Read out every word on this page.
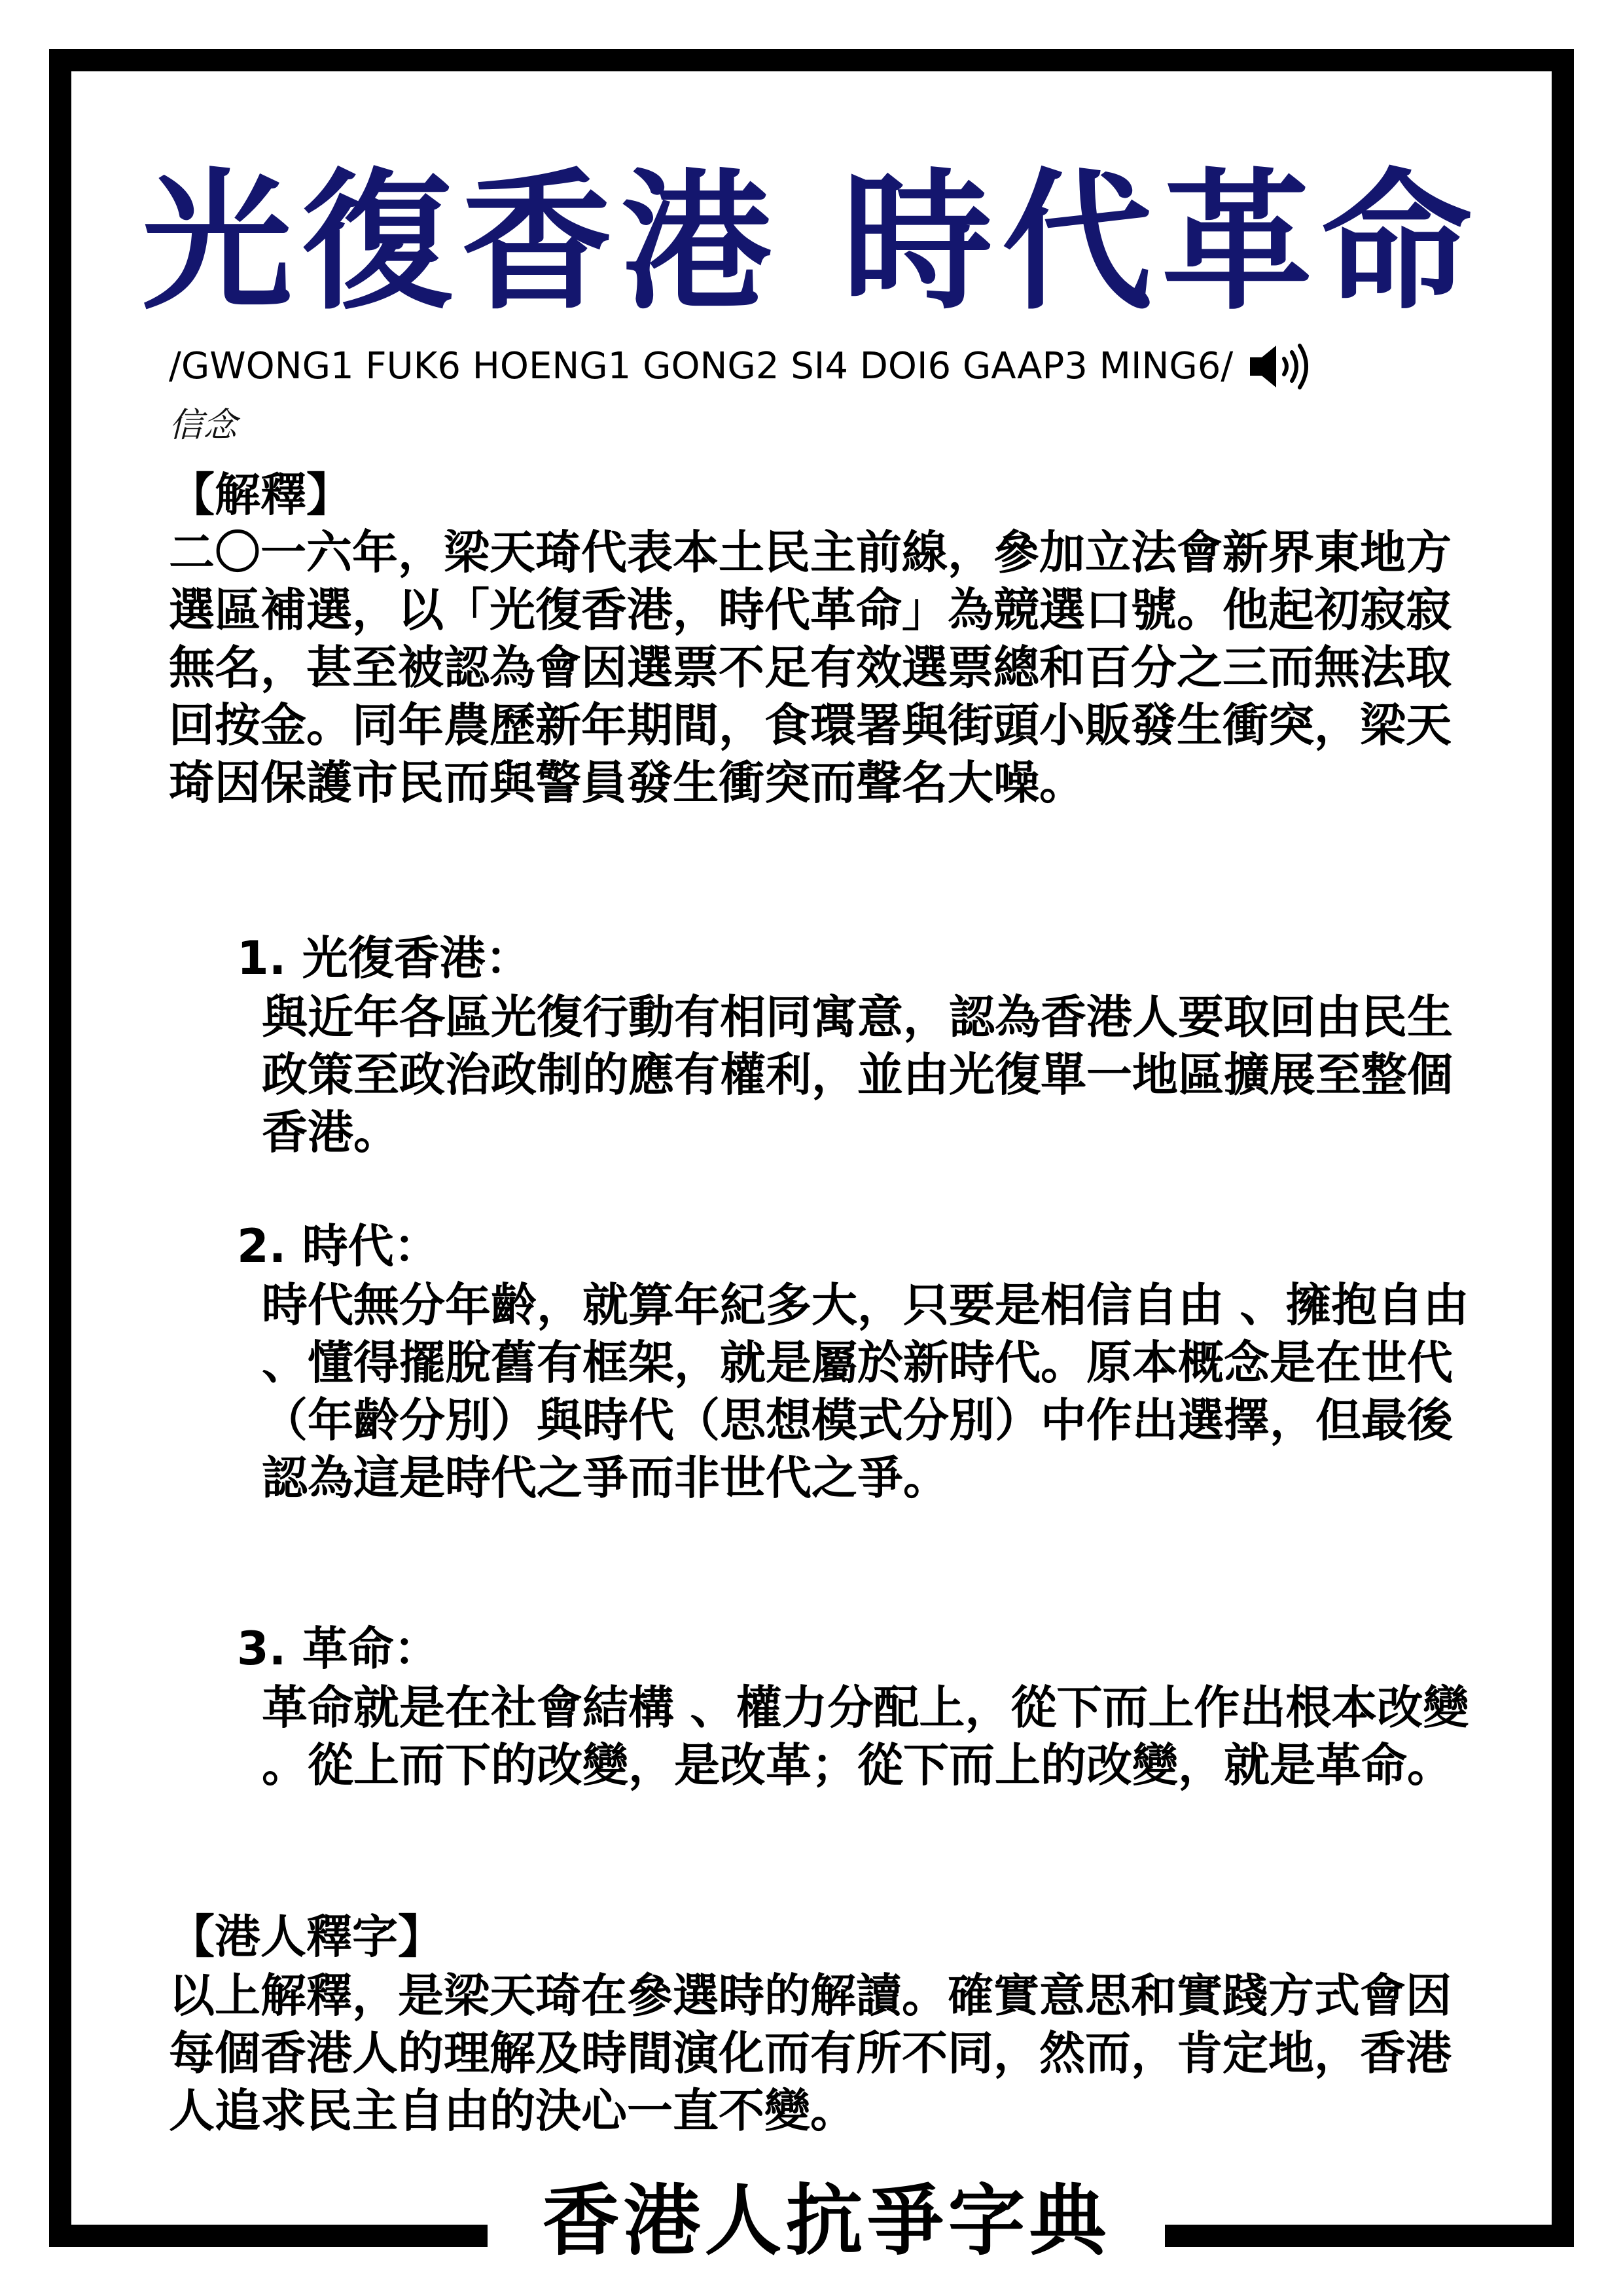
光復香港 時代革命
/GWONG1 FUK6 HOENG1 GONG2 SI4 DOI6 GAAP3 MING6/
信念
【解釋】

二〇一六年，梁天琦代表本土民主前線，參加立法會新界東地方選區補選，以「光復香港，時代革命」為競選口號。他起初寂寂無名，甚至被認為會因選票不足有效選票總和百分之三而無法取回按金。同年農歷新年期間，食環署與街頭小販發生衝突，梁天琦因保護市民而與警員發生衝突而聲名大噪。

1. 光復香港：

與近年各區光復行動有相同寓意，認為香港人要取回由民生政策至政治政制的應有權利，並由光復單一地區擴展至整個香港。

2. 時代：

時代無分年齡，就算年紀多大，只要是相信自由 、擁抱自由 、懂得擺脫舊有框架，就是屬於新時代。原本概念是在世代（年齡分別）與時代（思想模式分別）中作出選擇，但最後認為這是時代之爭而非世代之爭。

3. 革命：

革命就是在社會結構 、權力分配上，從下而上作出根本改變 。從上而下的改變，是改革；從下而上的改變，就是革命。

【港人釋字】

以上解釋，是梁天琦在參選時的解讀。確實意思和實踐方式會因每個香港人的理解及時間演化而有所不同，然而，肯定地，香港人追求民主自由的決心一直不變。

香港人抗爭字典
